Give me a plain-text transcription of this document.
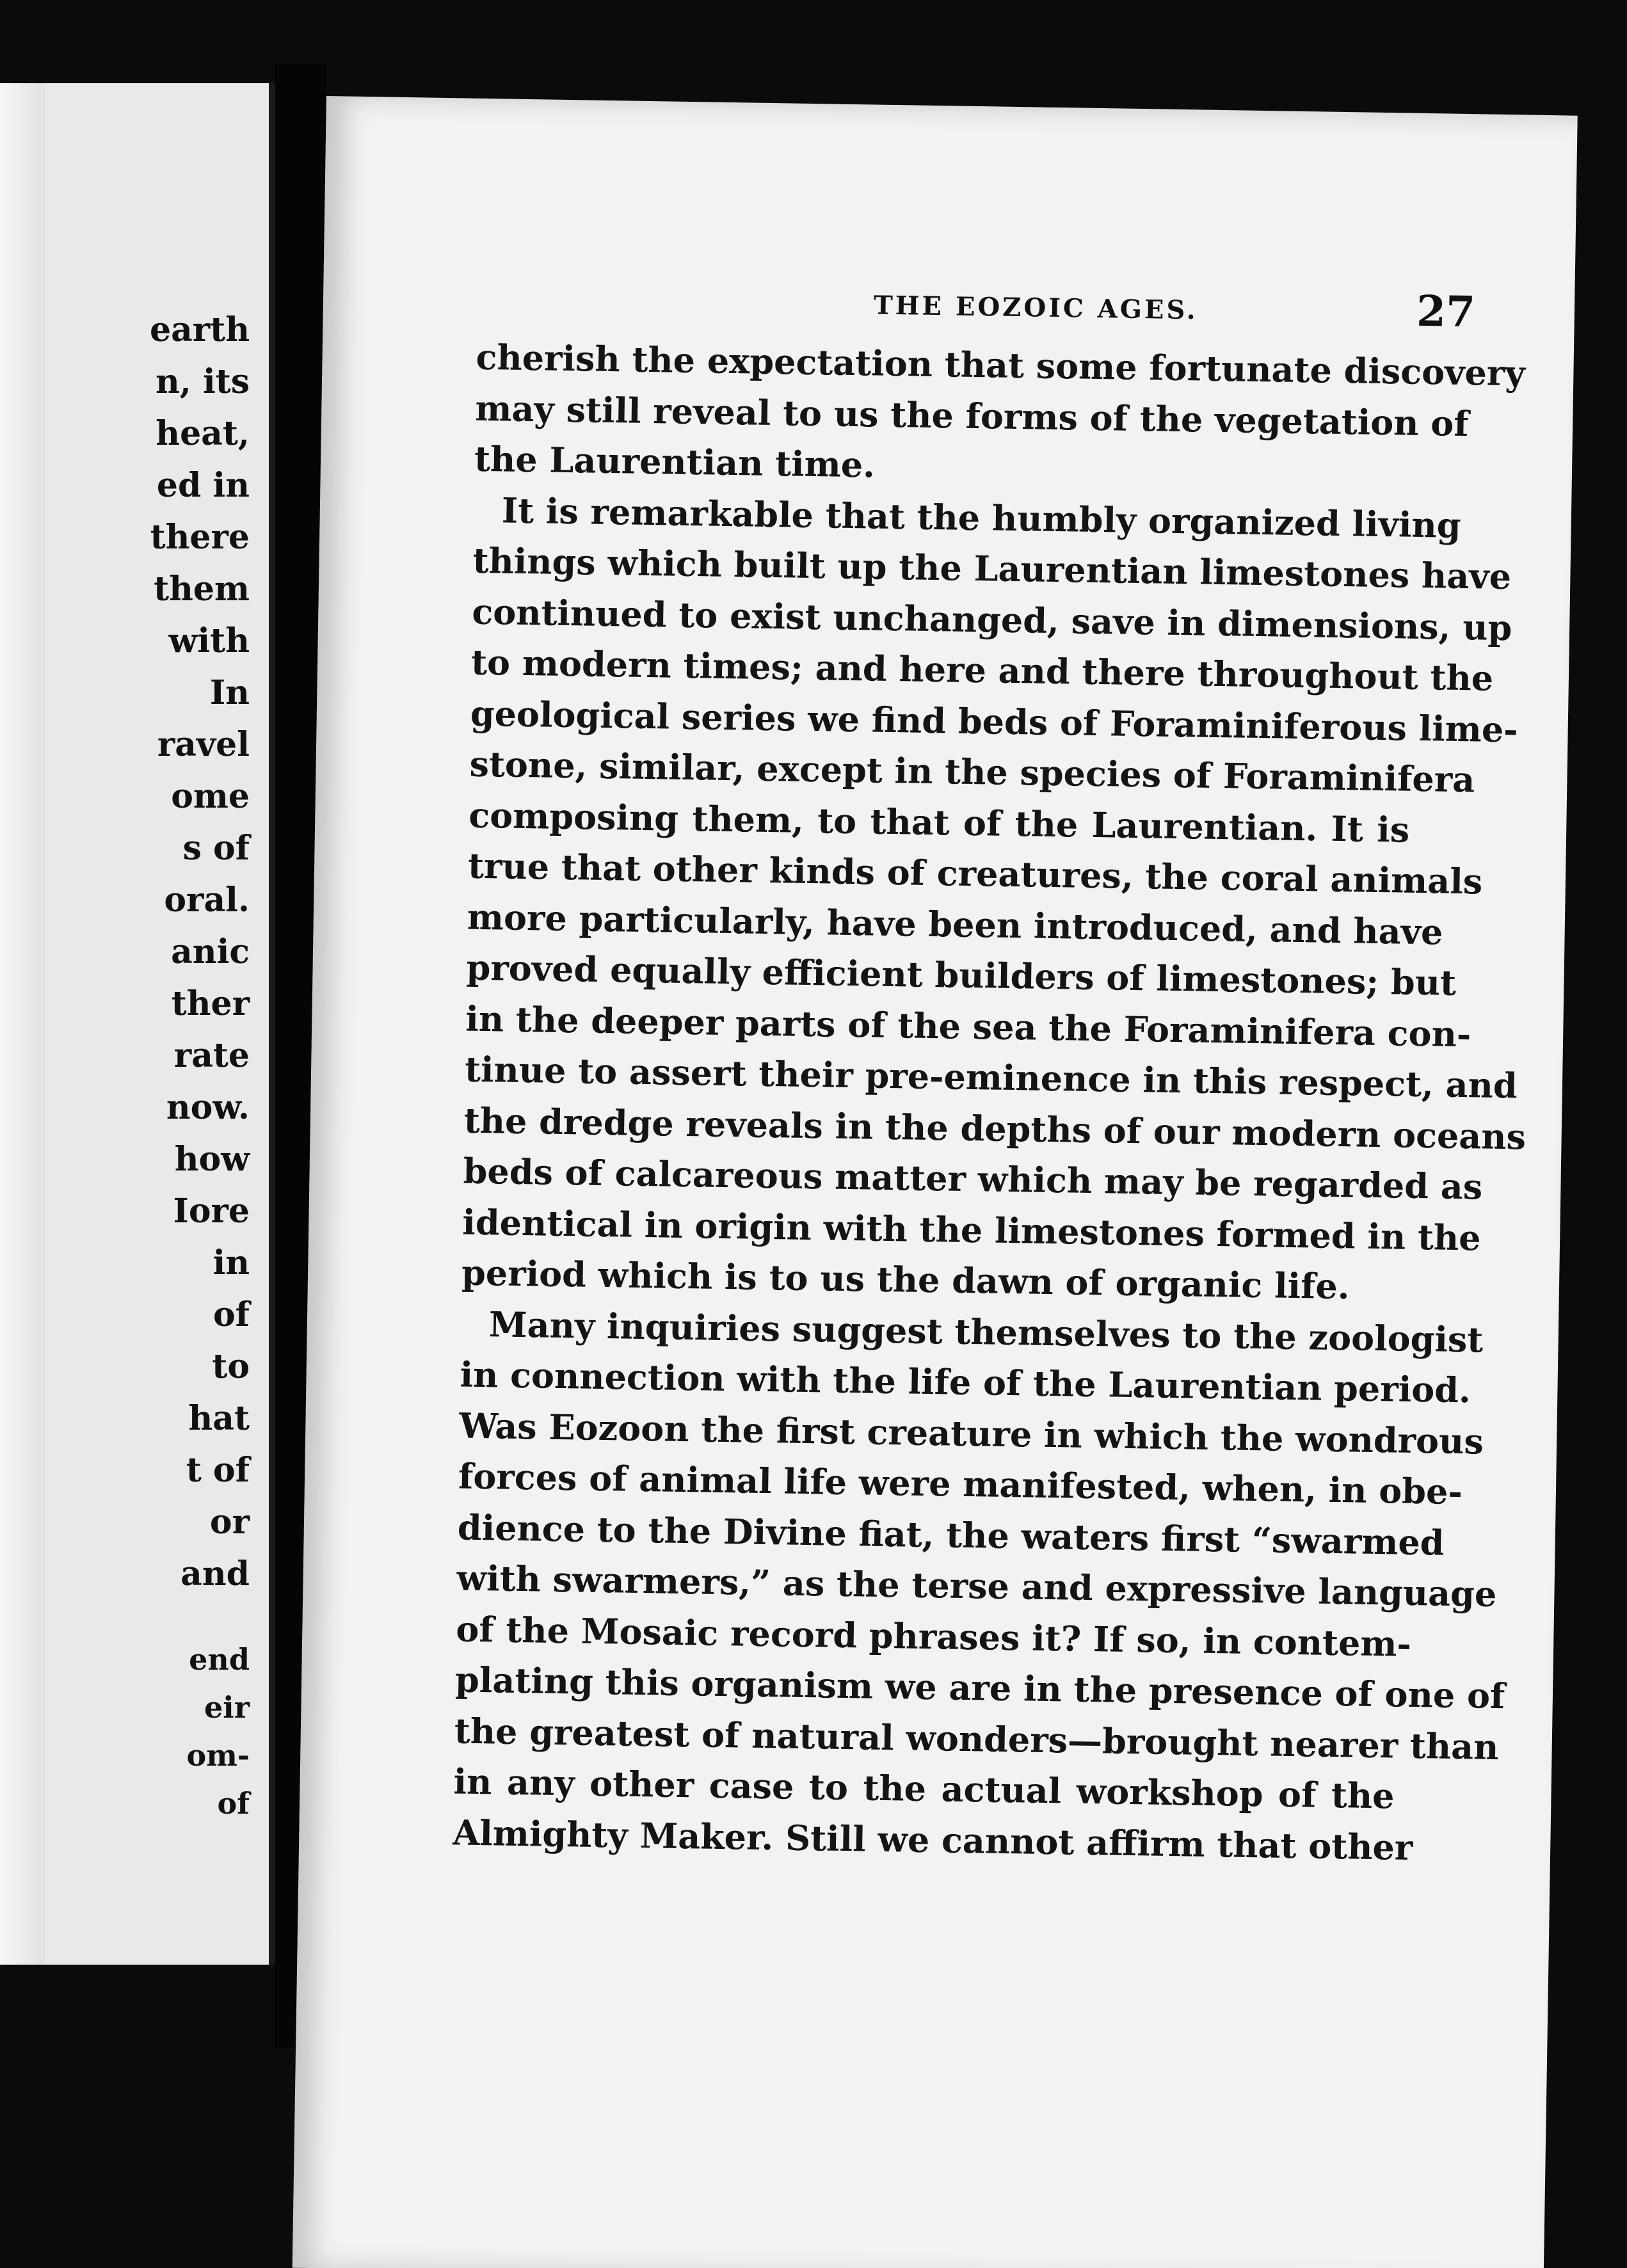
earth
n, its
heat,
ed in
there
them
with
In
ravel
ome
s of
oral.
anic
ther
rate
now.
how
Iore
in
of
to
hat
t of
or
and
end
eir
om-
of
THE EOZOIC AGES.	27
cherish the expectation that some fortunate discovery
may still reveal to us the forms of the vegetation of
the Laurentian time.
It is remarkable that the humbly organized living
things which built up the Laurentian limestones have
continued to exist unchanged, save in dimensions, up
to modern times; and here and there throughout the
geological series we find beds of Foraminiferous lime-
stone, similar, except in the species of Foraminifera
composing them, to that of the Laurentian. It is
true that other kinds of creatures, the coral animals
more particularly, have been introduced, and have
proved equally efficient builders of limestones; but
in the deeper parts of the sea the Foraminifera con-
tinue to assert their pre-eminence in this respect, and
the dredge reveals in the depths of our modern oceans
beds of calcareous matter which may be regarded as
identical in origin with the limestones formed in the
period which is to us the dawn of organic life.
Many inquiries suggest themselves to the zoologist
in connection with the life of the Laurentian period.
Was Eozoon the first creature in which the wondrous
forces of animal life were manifested, when, in obe-
dience to the Divine fiat, the waters first “swarmed
with swarmers,” as the terse and expressive language
of the Mosaic record phrases it? If so, in contem-
plating this organism we are in the presence of one of
the greatest of natural wonders—brought nearer than
in any other case to the actual workshop of the
Almighty Maker. Still we cannot affirm that other
